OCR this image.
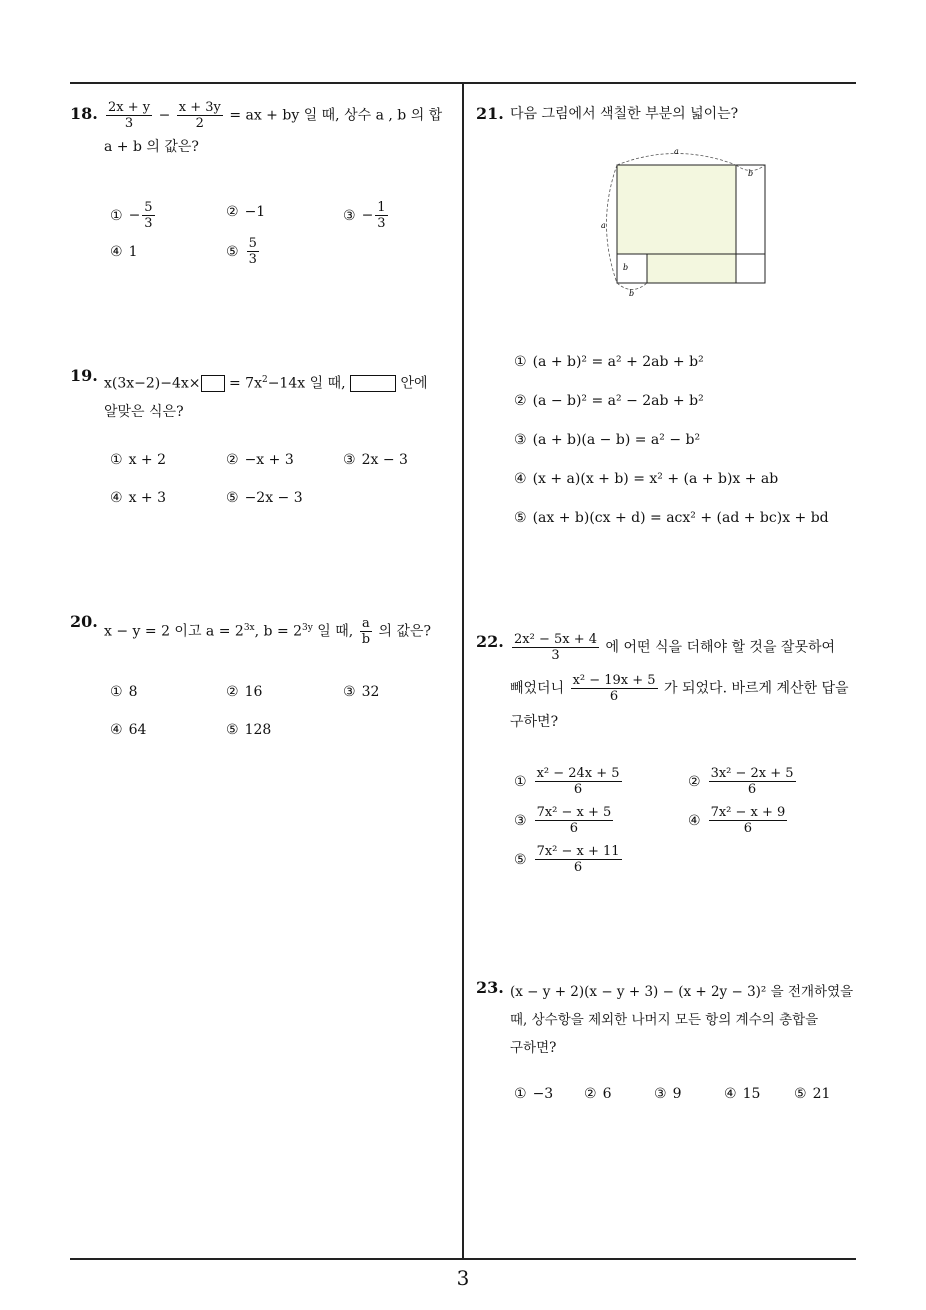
18. $\frac{2x + y}{3} - \frac{x + 3y}{2}$ = ax + by 일 때, 상수 a , b 의 합
a + b 의 값은?
① − $\frac{5}{3}$	② −1	③ − $\frac{1}{3}$
④ 1	⑤ $\frac{5}{3}$
19. $x(3x-2)-4x\times = 7x^2-14x$ 일 때,	안에
알맞은 식은?
① x + 2	② −x + 3	③ 2x − 3
④ x + 3	⑤ −2x − 3
20.
x − y = 2 이고 $a = 2^{3x}$, $b = 2^{3y}$ 일 때, $\frac{a}{b}$ 의 값은?
① 8	② 16	③ 32
④ 64	⑤ 128
21. 다음 그림에서 색칠한 부분의 넓이는?
a
a
b
b
b
① (a + b)² = a² + 2ab + b²
② (a − b)² = a² − 2ab + b²
③ (a + b)(a − b) = a² − b²
④ (x + a)(x + b) = x² + (a + b)x + ab
⑤ (ax + b)(cx + d) = acx² + (ad + bc)x + bd
22. $\frac{\text{2x² − 5x + 4}}{3}$ 에 어떤 식을 더해야 할 것을 잘못하여
빼었더니 $\frac{\text{x² − 19x + 5}}{6}$ 가 되었다. 바르게 계산한 답을
구하면?
① $\frac{\text{x² − 24x + 5}}{6}$	② $\frac{\text{3x² − 2x + 5}}{6}$
③ $\frac{\text{7x² − x + 5}}{6}$	④ $\frac{\text{7x² − x + 9}}{6}$
⑤ $\frac{\text{7x² − x + 11}}{6}$
23. (x − y + 2)(x − y + 3) − (x + 2y − 3)² 을 전개하였을
때, 상수항을 제외한 나머지 모든 항의 계수의 총합을
구하면?
① −3 ② 6	③ 9	④ 15 ⑤ 21
3
